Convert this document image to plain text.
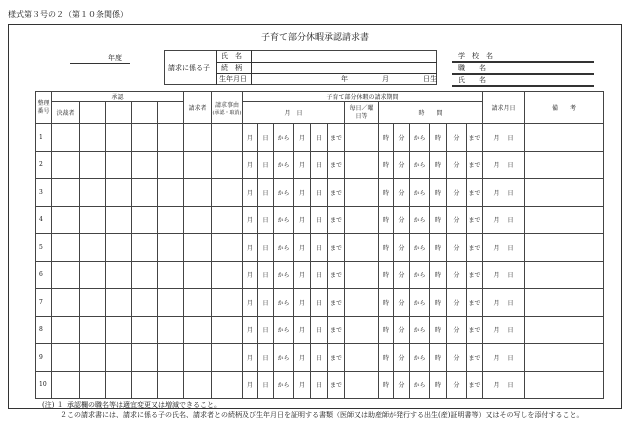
様式第３号の２（第１０条関係）
子育て部分休暇承認請求書
年度
請求に係る子
氏　名
続　柄
生年月日	年	月	日生
学　校　名
職　　名
氏　　名
整理番号	承認					請求者	請求事由
(承認・取消)	子育て部分休暇の請求期間													請求月日	備　　考
	決裁者							月　日						毎日／曜日等	時　　間							
1								月	日	から	月	日	まで		時	分	から	時	分	まで	月 日	
2								月	日	から	月	日	まで		時	分	から	時	分	まで	月 日	
3								月	日	から	月	日	まで		時	分	から	時	分	まで	月 日	
4								月	日	から	月	日	まで		時	分	から	時	分	まで	月 日	
5								月	日	から	月	日	まで		時	分	から	時	分	まで	月 日	
6								月	日	から	月	日	まで		時	分	から	時	分	まで	月 日	
7								月	日	から	月	日	まで		時	分	から	時	分	まで	月 日	
8								月	日	から	月	日	まで		時	分	から	時	分	まで	月 日	
9								月	日	から	月	日	まで		時	分	から	時	分	まで	月 日	
10								月	日	から	月	日	まで		時	分	から	時	分	まで	月 日	
(注) １ 承認欄の職名等は適宜変更又は増減できること。
２ この請求書には、請求に係る子の氏名、請求者との続柄及び生年月日を証明する書類（医師又は助産師が発行する出生(産)証明書等）又はその写しを添付すること。
